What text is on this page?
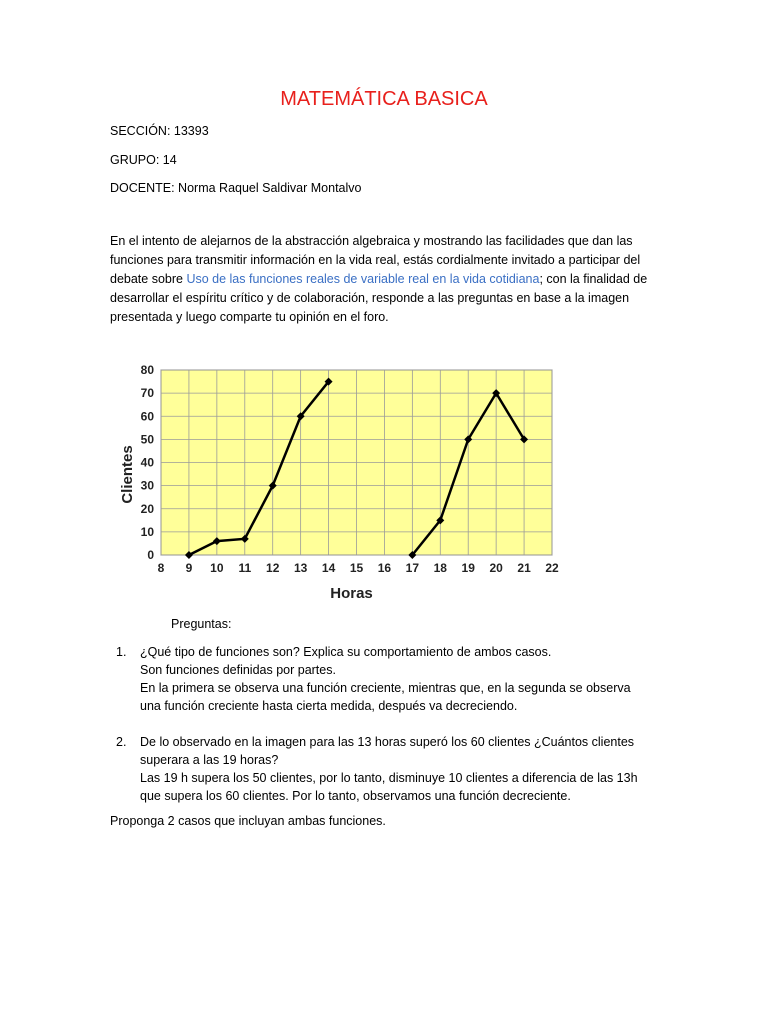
MATEMÁTICA BASICA
SECCIÓN: 13393
GRUPO: 14
DOCENTE: Norma Raquel Saldivar Montalvo
En el intento de alejarnos de la abstracción algebraica y mostrando las facilidades que dan las funciones para transmitir información en la vida real, estás cordialmente invitado a participar del debate sobre Uso de las funciones reales de variable real en la vida cotidiana; con la finalidad de desarrollar el espíritu crítico y de colaboración, responde a las preguntas en base a la imagen presentada y luego comparte tu opinión en el foro.
8 9 10 11 12 13 14 15 16 17 18 19 20 21 22
0
10
20
30
40
50
60
70
80
Horas
Clientes
Preguntas:
1. ¿Qué tipo de funciones son? Explica su comportamiento de ambos casos.
Son funciones definidas por partes.
En la primera se observa una función creciente, mientras que, en la segunda se observa
una función creciente hasta cierta medida, después va decreciendo.
2. De lo observado en la imagen para las 13 horas superó los 60 clientes ¿Cuántos clientes
superara a las 19 horas?
Las 19 h supera los 50 clientes, por lo tanto, disminuye 10 clientes a diferencia de las 13h
que supera los 60 clientes. Por lo tanto, observamos una función decreciente.
Proponga 2 casos que incluyan ambas funciones.
